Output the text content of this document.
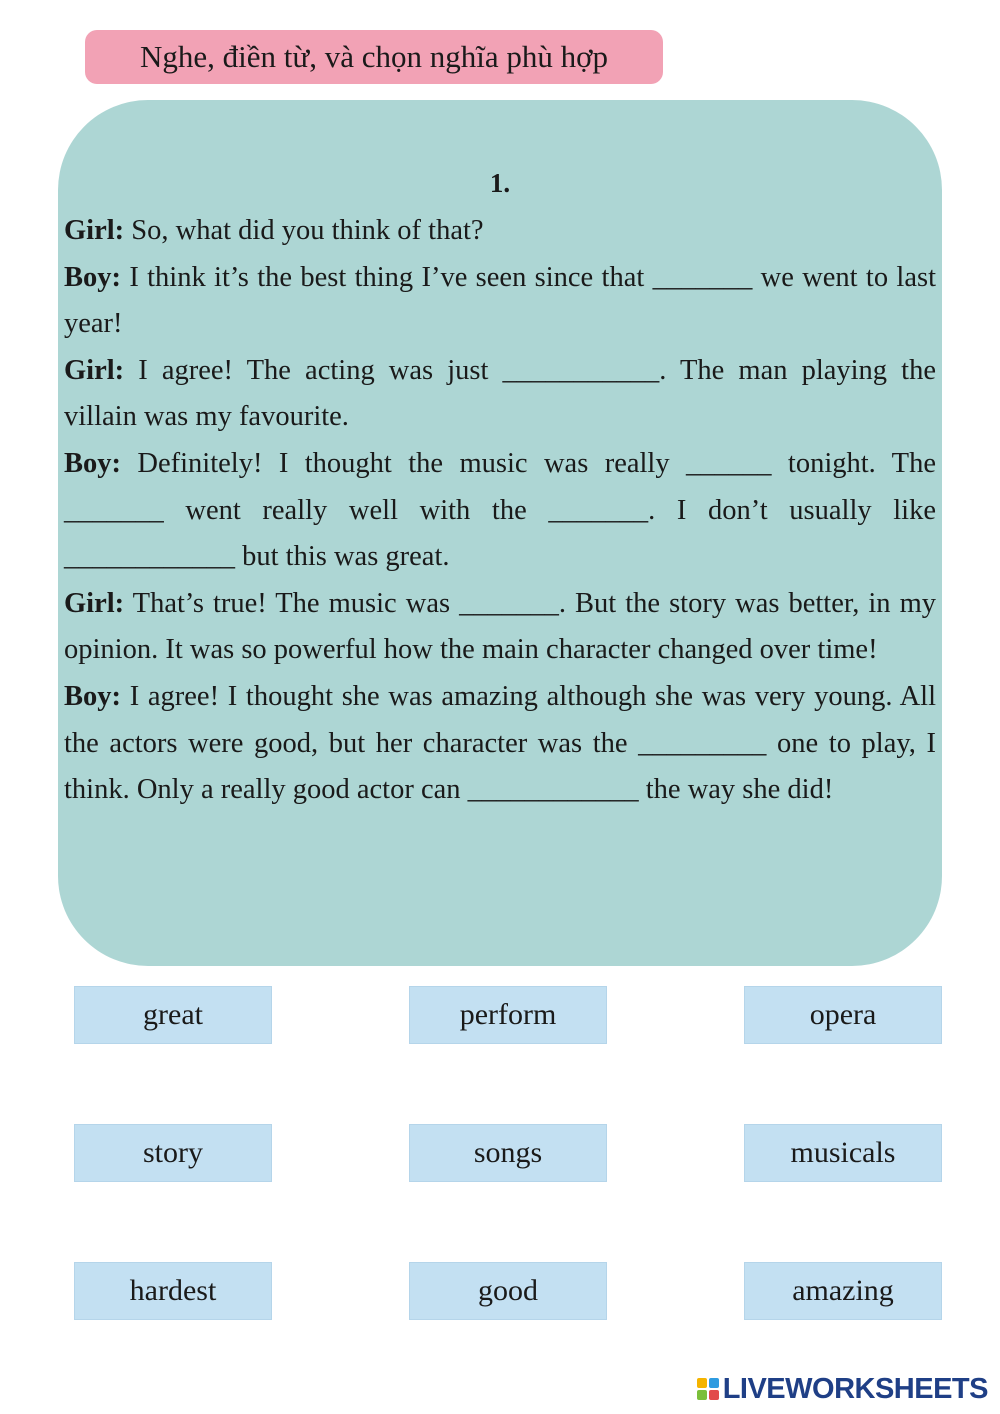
Nghe, điền từ, và chọn nghĩa phù hợp
1.

Girl: So, what did you think of that?

Boy: I think it’s the best thing I’ve seen since that _______ we went to last year!

Girl: I agree! The acting was just ___________. The man playing the villain was my favourite.

Boy: Definitely! I thought the music was really ______ tonight. The _______ went really well with the _______. I don’t usually like ____________ but this was great.

Girl: That’s true! The music was _______. But the story was better, in my opinion. It was so powerful how the main character changed over time!

Boy: I agree! I thought she was amazing although she was very young. All the actors were good, but her character was the _________ one to play, I think. Only a really good actor can ____________ the way she did!

great	perform	opera
story	songs	musicals
hardest	good	amazing
LIVEWORKSHEETS
